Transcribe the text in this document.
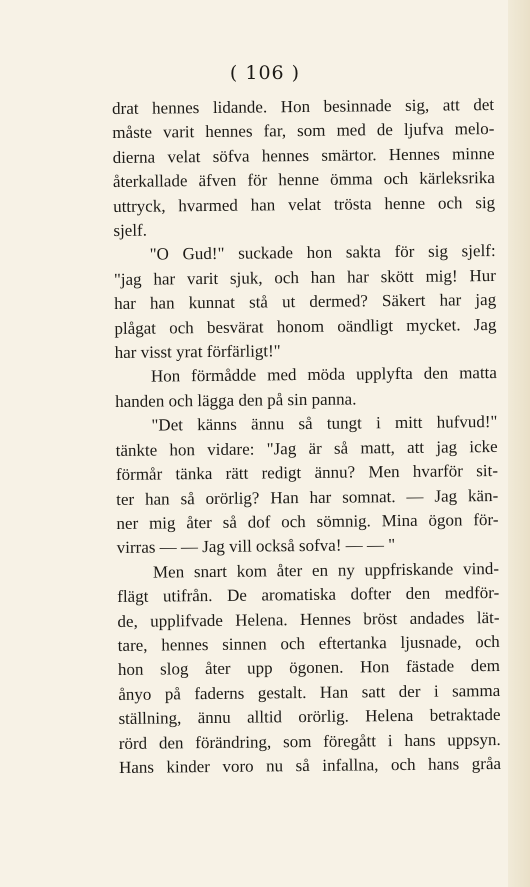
( 106 )
drat hennes lidande. Hon besinnade sig, att det
måste varit hennes far, som med de ljufva melo-
dierna velat söfva hennes smärtor. Hennes minne
återkallade äfven för henne ömma och kärleksrika
uttryck, hvarmed han velat trösta henne och sig
sjelf.
"O Gud!" suckade hon sakta för sig sjelf:
"jag har varit sjuk, och han har skött mig! Hur
har han kunnat stå ut dermed? Säkert har jag
plågat och besvärat honom oändligt mycket. Jag
har visst yrat förfärligt!"
Hon förmådde med möda upplyfta den matta
handen och lägga den på sin panna.
"Det känns ännu så tungt i mitt hufvud!"
tänkte hon vidare: "Jag är så matt, att jag icke
förmår tänka rätt redigt ännu? Men hvarför sit-
ter han så orörlig? Han har somnat. — Jag kän-
ner mig åter så dof och sömnig. Mina ögon för-
virras — — Jag vill också sofva! — — "
Men snart kom åter en ny uppfriskande vind-
flägt utifrån. De aromatiska dofter den medför-
de, upplifvade Helena. Hennes bröst andades lät-
tare, hennes sinnen och eftertanka ljusnade, och
hon slog åter upp ögonen. Hon fästade dem
ånyo på faderns gestalt. Han satt der i samma
ställning, ännu alltid orörlig. Helena betraktade
rörd den förändring, som föregått i hans uppsyn.
Hans kinder voro nu så infallna, och hans gråa
